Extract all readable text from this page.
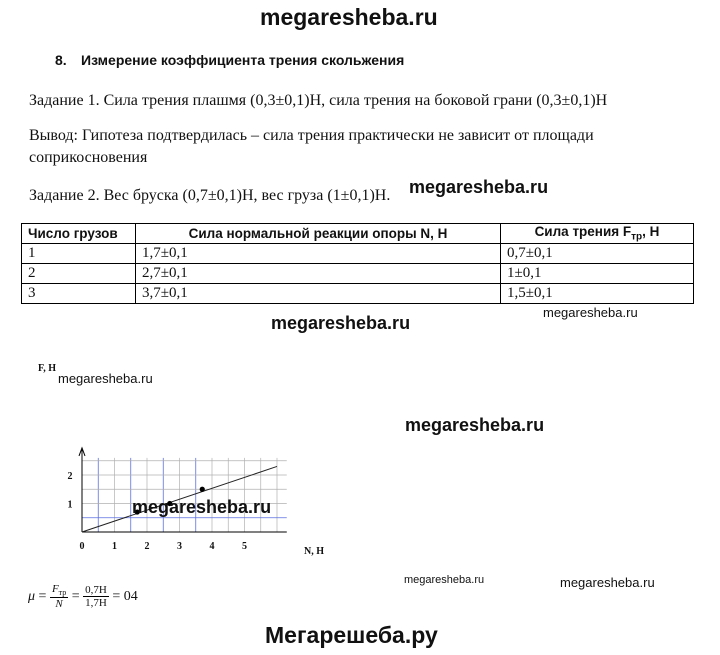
megaresheba.ru
8. Измерение коэффициента трения скольжения
Задание 1. Сила трения плашмя (0,3±0,1)Н, сила трения на боковой грани (0,3±0,1)Н
Вывод: Гипотеза подтвердилась – сила трения практически не зависит от площади
соприкосновения
Задание 2. Вес бруска (0,7±0,1)Н, вес груза (1±0,1)Н. megaresheba.ru
Число грузов	Сила нормальной реакции опоры N, Н	Сила трения $F_{тр}$, Н
1	1,7±0,1	0,7±0,1
2	2,7±0,1	1±0,1
3	3,7±0,1	1,5±0,1
megaresheba.ru
megaresheba.ru
0	1	2	3	4	5
1
2
F, Н
N, Н
megaresheba.ru
megaresheba.ru
megaresheba.ru
$\mu = \frac{F_{тр}}{N} = \frac{0,7Н}{1,7Н} = 04$
megaresheba.ru	megaresheba.ru
Мегарешеба.ру
